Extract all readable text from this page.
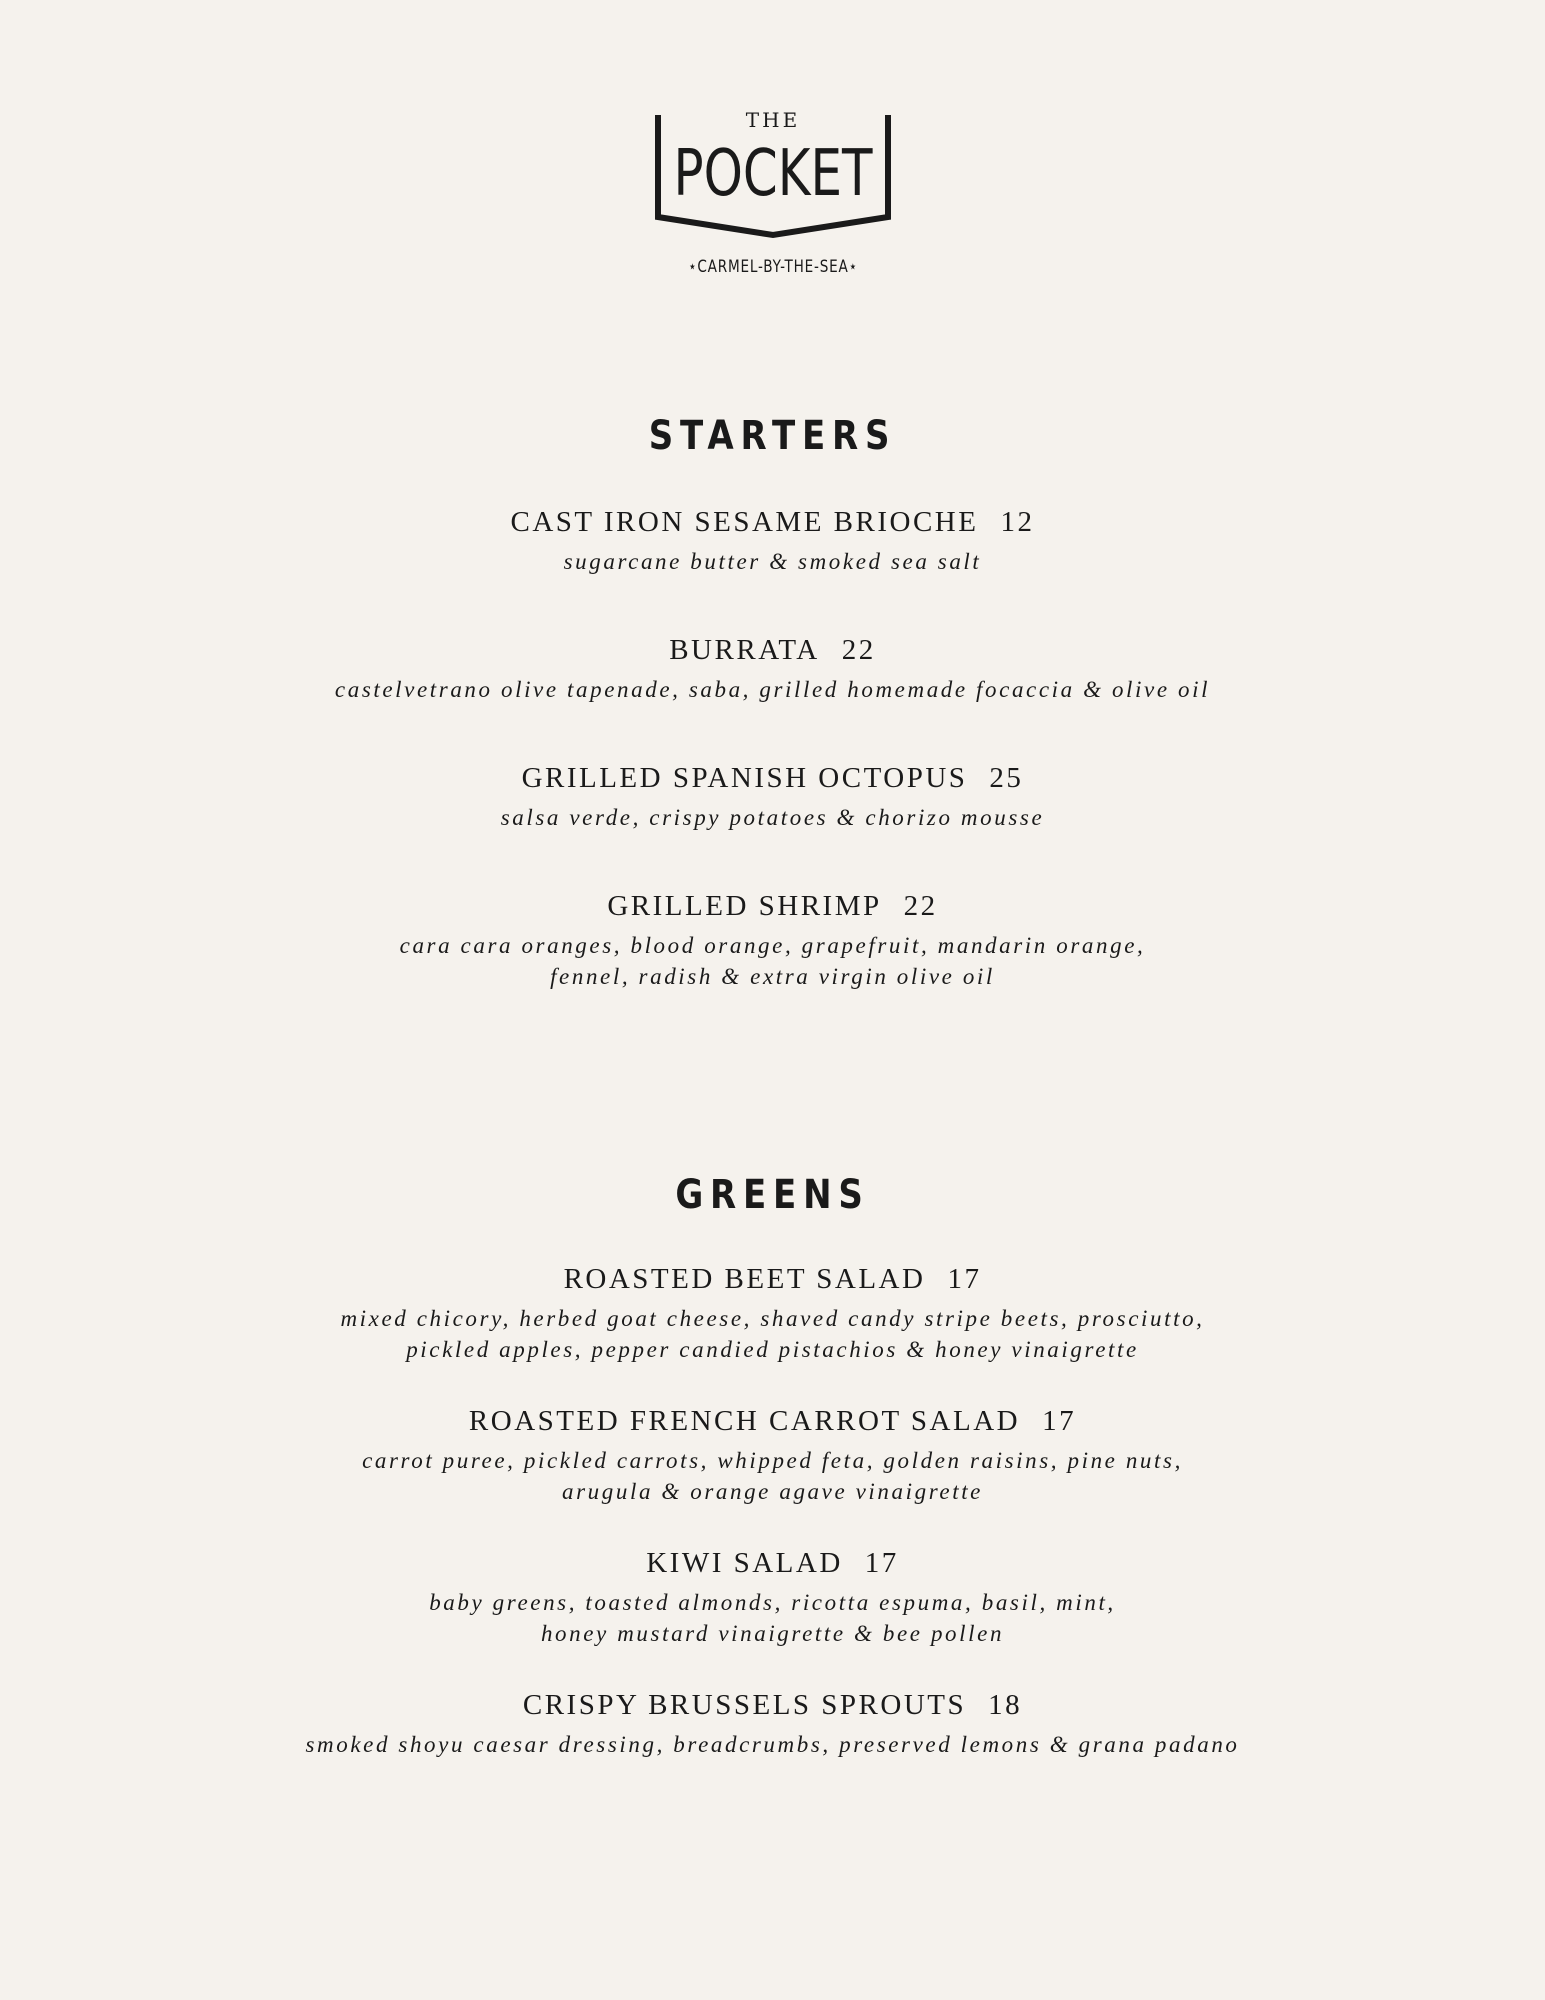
THE
POCKET
⋆CARMEL-BY-THE-SEA⋆
STARTERS

CAST IRON SESAME BRIOCHE 12

sugarcane butter & smoked sea salt

BURRATA 22

castelvetrano olive tapenade, saba, grilled homemade focaccia & olive oil

GRILLED SPANISH OCTOPUS 25

salsa verde, crispy potatoes & chorizo mousse

GRILLED SHRIMP 22

cara cara oranges, blood orange, grapefruit, mandarin orange,
fennel, radish & extra virgin olive oil

GREENS

ROASTED BEET SALAD 17

mixed chicory, herbed goat cheese, shaved candy stripe beets, prosciutto,
pickled apples, pepper candied pistachios & honey vinaigrette

ROASTED FRENCH CARROT SALAD 17

carrot puree, pickled carrots, whipped feta, golden raisins, pine nuts,
arugula & orange agave vinaigrette

KIWI SALAD 17

baby greens, toasted almonds, ricotta espuma, basil, mint,
honey mustard vinaigrette & bee pollen

CRISPY BRUSSELS SPROUTS 18

smoked shoyu caesar dressing, breadcrumbs, preserved lemons & grana padano
